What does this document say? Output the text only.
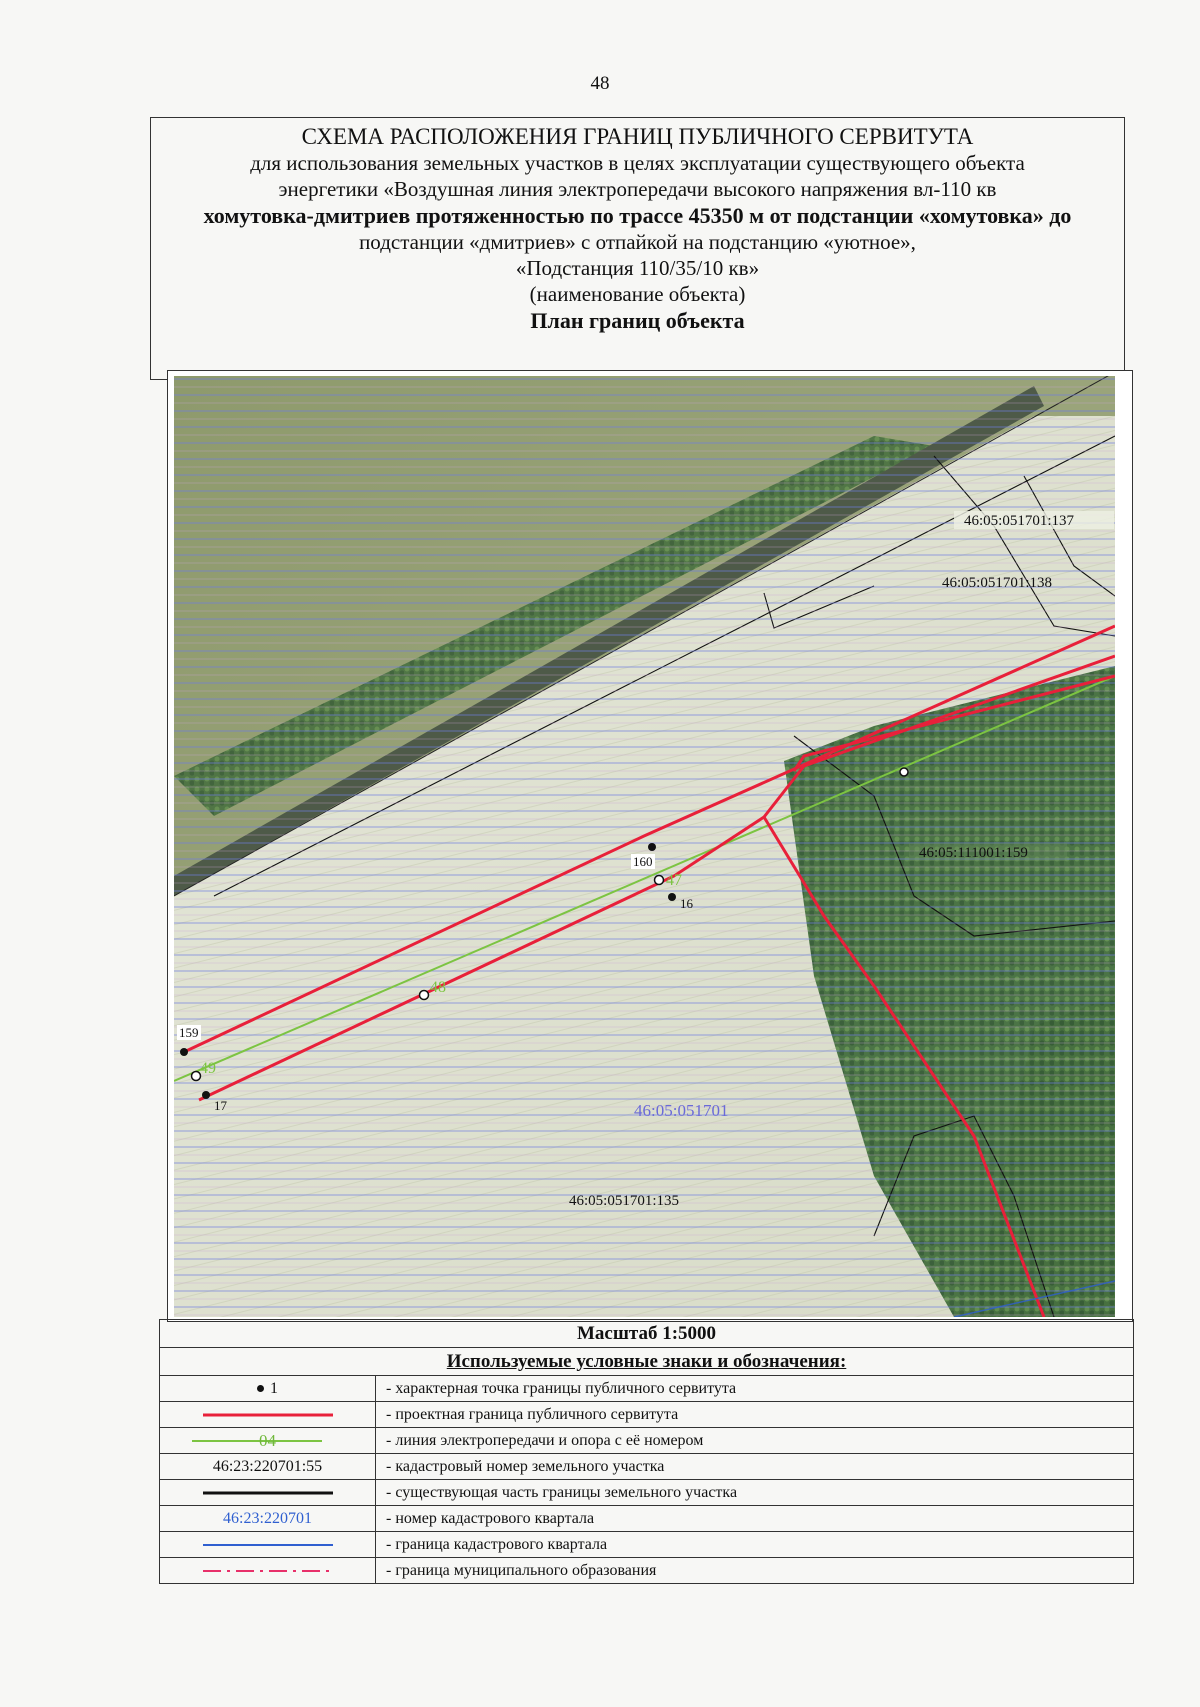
48
СХЕМА РАСПОЛОЖЕНИЯ ГРАНИЦ ПУБЛИЧНОГО СЕРВИТУТА
для использования земельных участков в целях эксплуатации существующего объекта
энергетики «Воздушная линия электропередачи высокого напряжения вл-110 кв
хомутовка-дмитриев протяженностью по трассе 45350 м от подстанции «хомутовка» до
подстанции «дмитриев» с отпайкой на подстанцию «уютное»,
«Подстанция 110/35/10 кв»
(наименование объекта)
План границ объекта
160
16
159
17
47
48
49
46:05:051701:137
46:05:051701:138
46:05:111001:159
46:05:051701:135
46:05:051701
Масштаб 1:5000	
Используемые условные знаки и обозначения:	
1	- характерная точка границы публичного сервитута
	- проектная граница публичного сервитута

04	- линия электропередачи и опора с её номером
46:23:220701:55	- кадастровый номер земельного участка
	- существующая часть границы земельного участка
46:23:220701	- номер кадастрового квартала
	- граница кадастрового квартала
	- граница муниципального образования
